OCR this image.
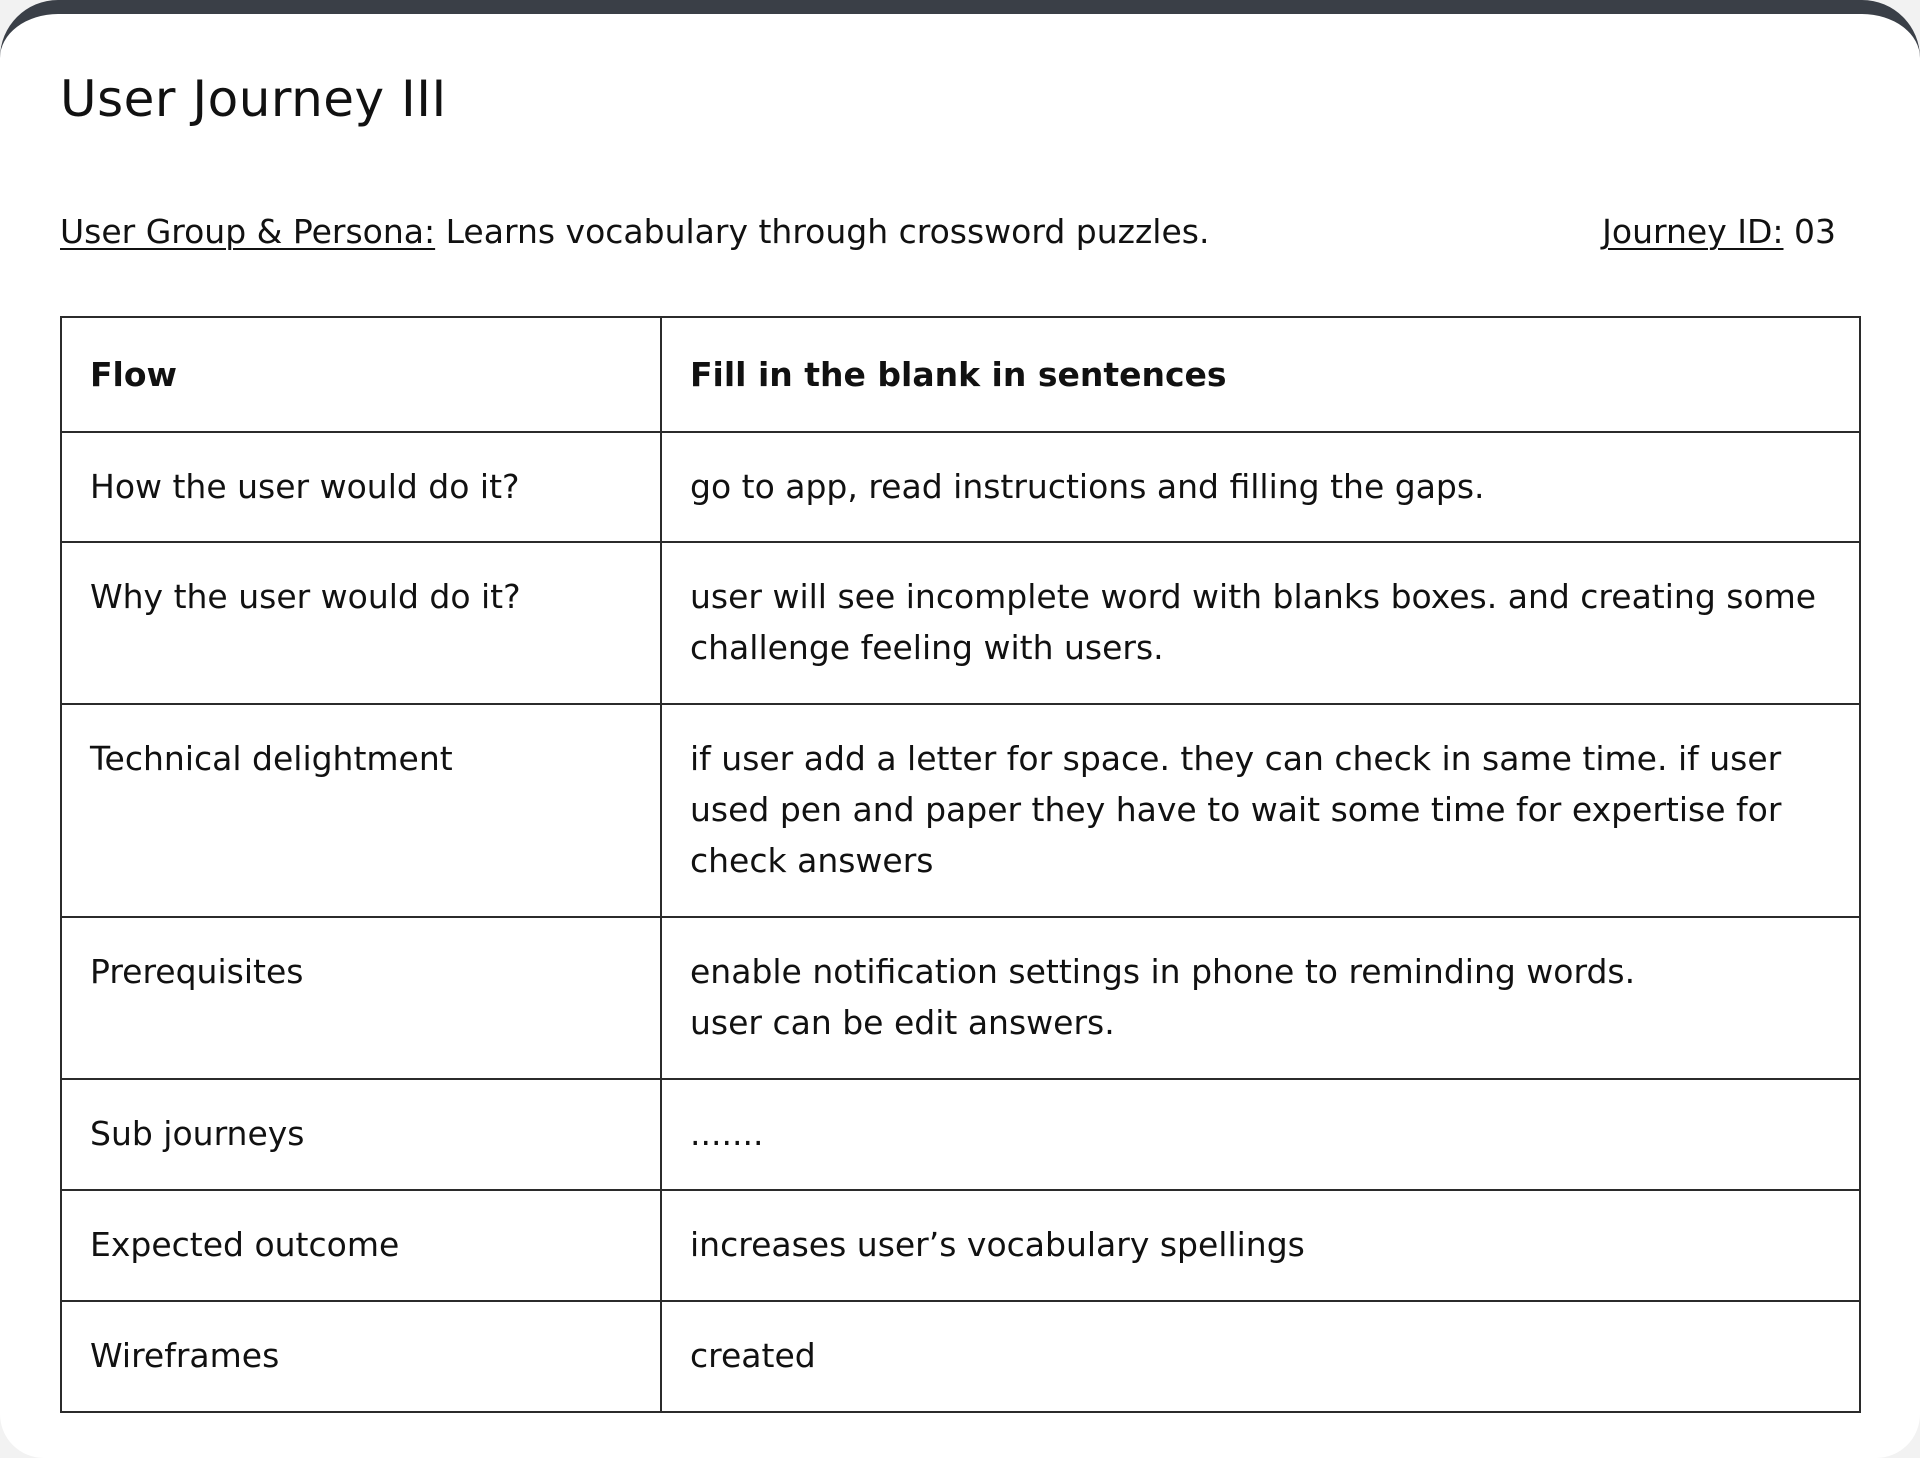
User Journey III
User Group & Persona: Learns vocabulary through crossword puzzles.	Journey ID: 03
Flow	Fill in the blank in sentences

How the user would do it?	go to app, read instructions and filling the gaps.

Why the user would do it?	user will see incomplete word with blanks boxes. and creating some challenge feeling with users.

Technical delightment	if user add a letter for space. they can check in same time. if user used pen and paper they have to wait some time for expertise for check answers

Prerequisites	enable notification settings in phone to reminding words.
user can be edit answers.

Sub journeys	.......

Expected outcome	increases user’s vocabulary spellings

Wireframes	created
